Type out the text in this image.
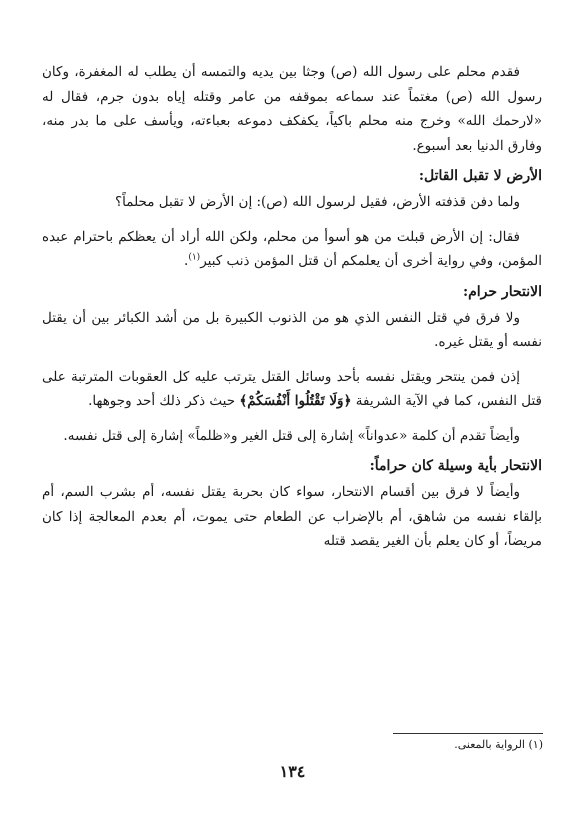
فقدم محلم على رسول الله (ص) وجثا بين يديه والتمسه أن يطلب له المغفرة، وكان رسول الله (ص) مغتماً عند سماعه بموقفه من عامر وقتله إياه بدون جرم، فقال له «لارحمك الله» وخرج منه محلم باكياً، يكفكف دموعه بعباءته، ويأسف على ما بدر منه، وفارق الدنيا بعد أسبوع.

الأرض لا تقبل القاتل:

ولما دفن قذفته الأرض، فقيل لرسول الله (ص): إن الأرض لا تقبل محلماً؟

فقال: إن الأرض قبلت من هو أسوأ من محلم، ولكن الله أراد أن يعظكم باحترام عبده المؤمن، وفي رواية أخرى أن يعلمكم أن قتل المؤمن ذنب كبير$^{(١)}$.

الانتحار حرام:

ولا فرق في قتل النفس الذي هو من الذنوب الكبيرة بل من أشد الكبائر بين أن يقتل نفسه أو يقتل غيره.

إذن فمن ينتحر ويقتل نفسه بأحد وسائل القتل يترتب عليه كل العقوبات المترتبة على قتل النفس، كما في الآية الشريفة ﴿وَلَا تَقْتُلُوا أَنْفُسَكُمْ﴾ حيث ذكر ذلك أحد وجوهها.

وأيضاً تقدم أن كلمة «عدواناً» إشارة إلى قتل الغير و«ظلماً» إشارة إلى قتل نفسه.

الانتحار بأية وسيلة كان حراماً:

وأيضاً لا فرق بين أقسام الانتحار، سواء كان بحربة يقتل نفسه، أم بشرب السم، أم بإلقاء نفسه من شاهق، أم بالإضراب عن الطعام حتى يموت، أم بعدم المعالجة إذا كان مريضاً، أو كان يعلم بأن الغير يقصد قتله

(١) الرواية بالمعنى.
١٣٤
